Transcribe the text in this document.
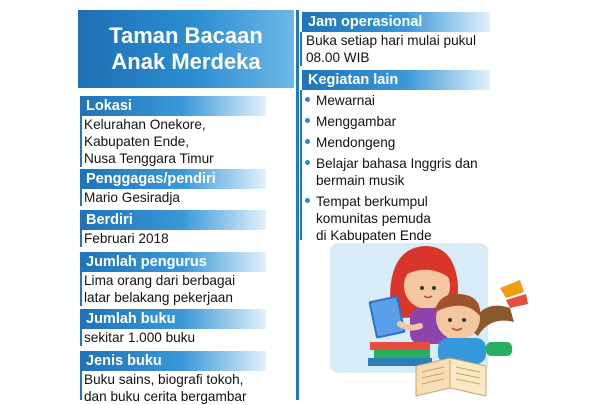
Taman Bacaan
Anak Merdeka
Lokasi
Kelurahan Onekore,
Kabupaten Ende,
Nusa Tenggara Timur
Penggagas/pendiri
Mario Gesiradja
Berdiri
Februari 2018
Jumlah pengurus
Lima orang dari berbagai
latar belakang pekerjaan
Jumlah buku
sekitar 1.000 buku
Jenis buku
Buku sains, biografi tokoh,
dan buku cerita bergambar
Jam operasional
Buka setiap hari mulai pukul
08.00 WIB
Kegiatan lain
Mewarnai
Menggambar
Mendongeng
Belajar bahasa Inggris dan
bermain musik
Tempat berkumpul
komunitas pemuda
di Kabupaten Ende
